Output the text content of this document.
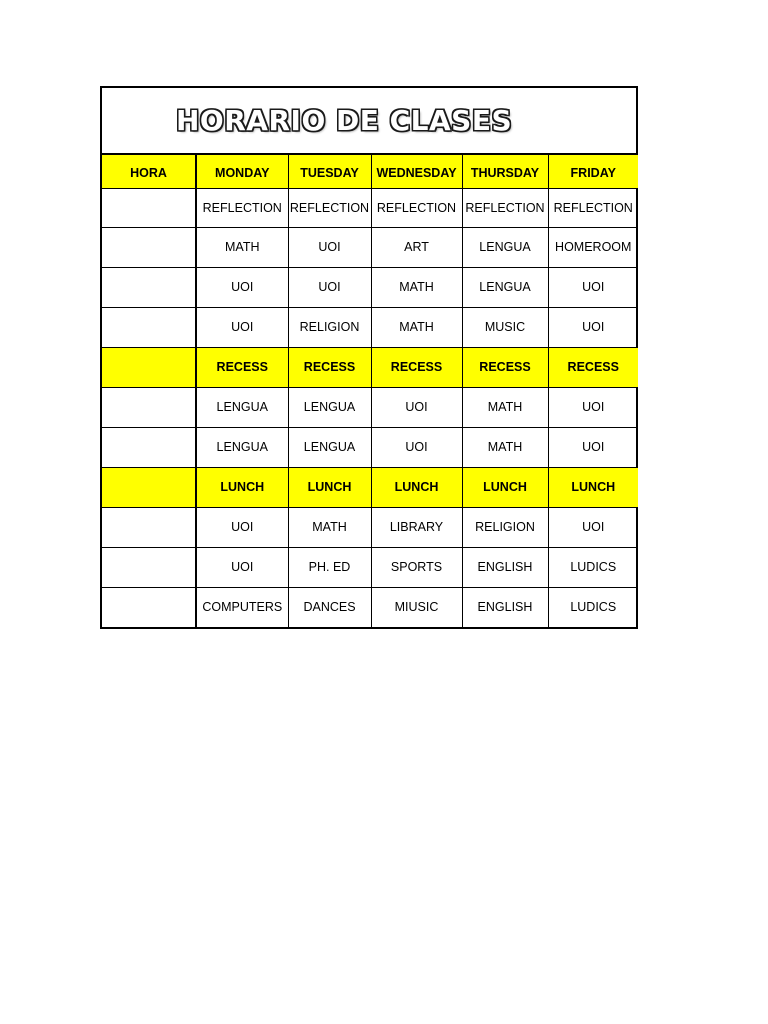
HORARIO DE CLASES
HORA	MONDAY	TUESDAY	WEDNESDAY	THURSDAY	FRIDAY
	REFLECTION	REFLECTION	REFLECTION	REFLECTION	REFLECTION
	MATH	UOI	ART	LENGUA	HOMEROOM
	UOI	UOI	MATH	LENGUA	UOI
	UOI	RELIGION	MATH	MUSIC	UOI
	RECESS	RECESS	RECESS	RECESS	RECESS
	LENGUA	LENGUA	UOI	MATH	UOI
	LENGUA	LENGUA	UOI	MATH	UOI
	LUNCH	LUNCH	LUNCH	LUNCH	LUNCH
	UOI	MATH	LIBRARY	RELIGION	UOI
	UOI	PH. ED	SPORTS	ENGLISH	LUDICS
	COMPUTERS	DANCES	MIUSIC	ENGLISH	LUDICS
